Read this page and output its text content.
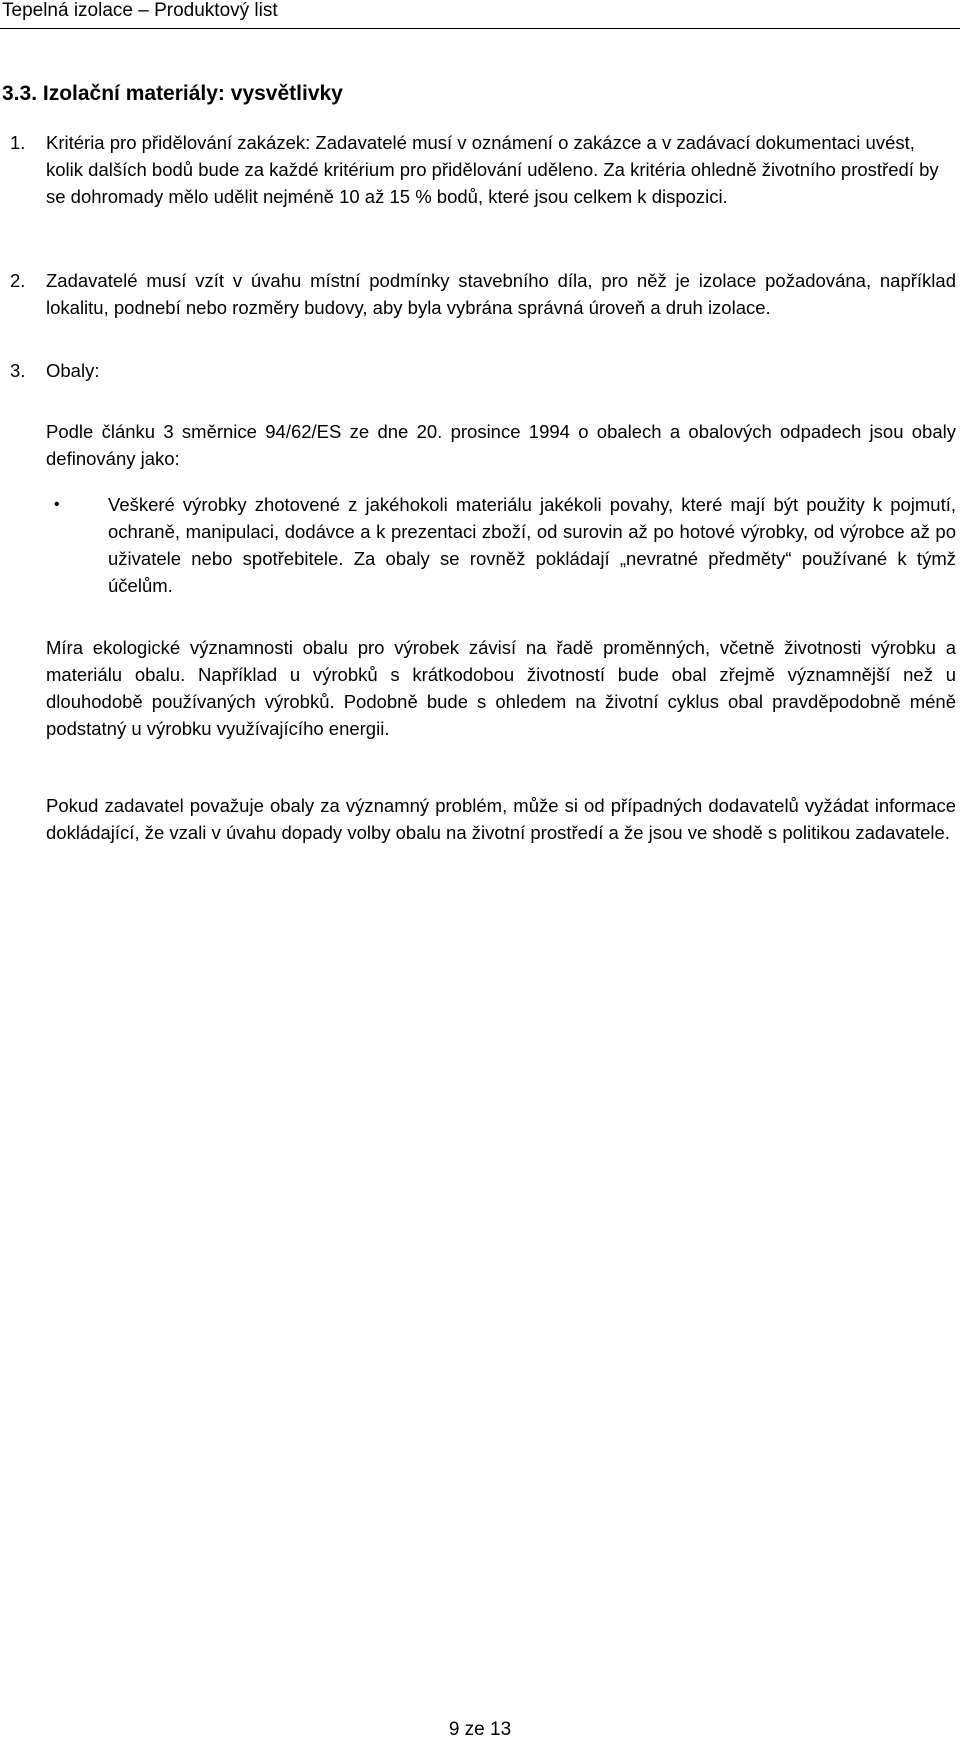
Tepelná izolace – Produktový list
3.3. Izolační materiály: vysvětlivky
1.	Kritéria pro přidělování zakázek: Zadavatelé musí v oznámení o zakázce a v zadávací dokumentaci uvést, kolik dalších bodů bude za každé kritérium pro přidělování uděleno. Za kritéria ohledně životního prostředí by se dohromady mělo udělit nejméně 10 až 15 % bodů, které jsou celkem k dispozici.
2.	Zadavatelé musí vzít v úvahu místní podmínky stavebního díla, pro něž je izolace požadována, například lokalitu, podnebí nebo rozměry budovy, aby byla vybrána správná úroveň a druh izolace.
3.	Obaly:
Podle článku 3 směrnice 94/62/ES ze dne 20. prosince 1994 o obalech a obalových odpadech jsou obaly definovány jako:
•	Veškeré výrobky zhotovené z jakéhokoli materiálu jakékoli povahy, které mají být použity k pojmutí, ochraně, manipulaci, dodávce a k prezentaci zboží, od surovin až po hotové výrobky, od výrobce až po uživatele nebo spotřebitele. Za obaly se rovněž pokládají „nevratné předměty“ používané k týmž účelům.
Míra ekologické významnosti obalu pro výrobek závisí na řadě proměnných, včetně životnosti výrobku a materiálu obalu. Například u výrobků s krátkodobou životností bude obal zřejmě významnější než u dlouhodobě používaných výrobků. Podobně bude s ohledem na životní cyklus obal pravděpodobně méně podstatný u výrobku využívajícího energii.
Pokud zadavatel považuje obaly za významný problém, může si od případných dodavatelů vyžádat informace dokládající, že vzali v úvahu dopady volby obalu na životní prostředí a že jsou ve shodě s politikou zadavatele.
9 ze 13
